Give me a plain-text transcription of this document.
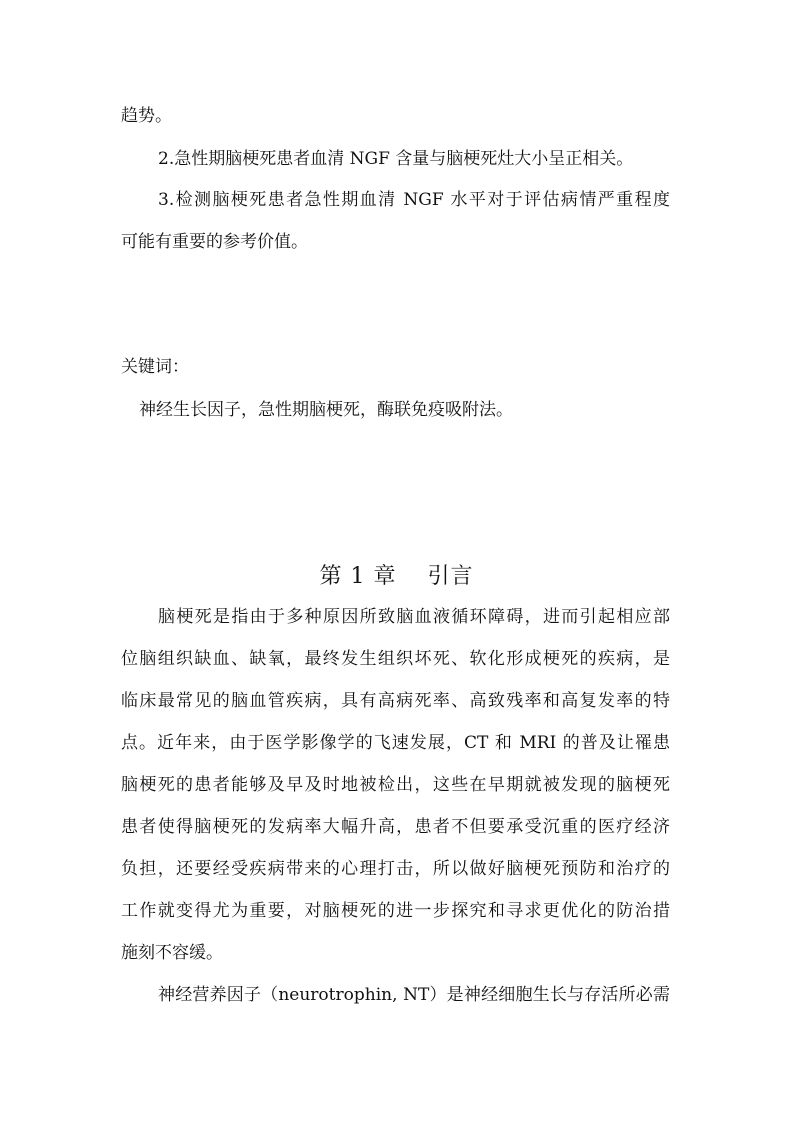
趋势。
2.急性期脑梗死患者血清 NGF 含量与脑梗死灶大小呈正相关。
3.检测脑梗死患者急性期血清 NGF 水平对于评估病情严重程度
可能有重要的参考价值。
关键词：
神经生长因子，急性期脑梗死，酶联免疫吸附法。
第 1 章　 引言
脑梗死是指由于多种原因所致脑血液循环障碍，进而引起相应部
位脑组织缺血、缺氧，最终发生组织坏死、软化形成梗死的疾病，是
临床最常见的脑血管疾病，具有高病死率、高致残率和高复发率的特
点。近年来，由于医学影像学的飞速发展，CT 和 MRI 的普及让罹患
脑梗死的患者能够及早及时地被检出，这些在早期就被发现的脑梗死
患者使得脑梗死的发病率大幅升高，患者不但要承受沉重的医疗经济
负担，还要经受疾病带来的心理打击，所以做好脑梗死预防和治疗的
工作就变得尤为重要，对脑梗死的进一步探究和寻求更优化的防治措
施刻不容缓。
神经营养因子（neurotrophin, NT）是神经细胞生长与存活所必需
